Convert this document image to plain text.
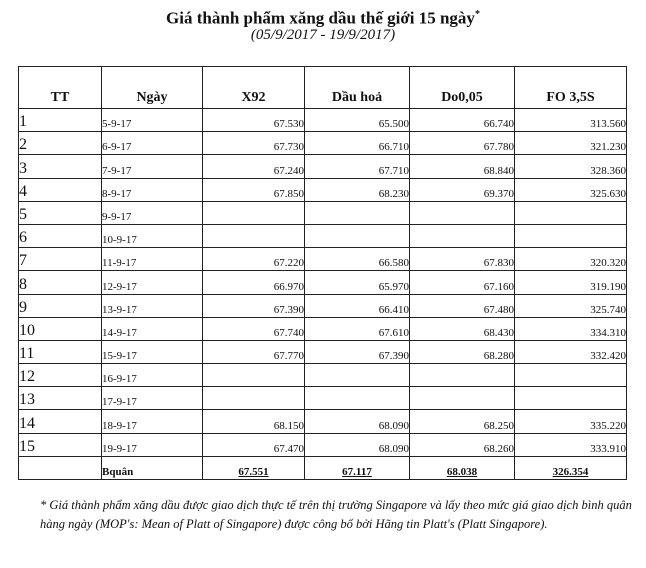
Giá thành phẩm xăng dầu thế giới 15 ngày*
(05/9/2017 - 19/9/2017)
TT	Ngày	X92	Dầu hoả	Do0,05	FO 3,5S
1	5-9-17	67.530	65.500	66.740	313.560
2	6-9-17	67.730	66.710	67.780	321.230
3	7-9-17	67.240	67.710	68.840	328.360
4	8-9-17	67.850	68.230	69.370	325.630
5	9-9-17				
6	10-9-17				
7	11-9-17	67.220	66.580	67.830	320.320
8	12-9-17	66.970	65.970	67.160	319.190
9	13-9-17	67.390	66.410	67.480	325.740
10	14-9-17	67.740	67.610	68.430	334.310
11	15-9-17	67.770	67.390	68.280	332.420
12	16-9-17				
13	17-9-17				
14	18-9-17	68.150	68.090	68.250	335.220
15	19-9-17	67.470	68.090	68.260	333.910
	Bquân	67.551	67.117	68.038	326.354
* Giá thành phẩm xăng dầu được giao dịch thực tế trên thị trường Singapore và lấy theo mức giá giao dịch bình quân hàng ngày (MOP's: Mean of Platt of Singapore) được công bố bởi Hãng tin Platt's (Platt Singapore).
